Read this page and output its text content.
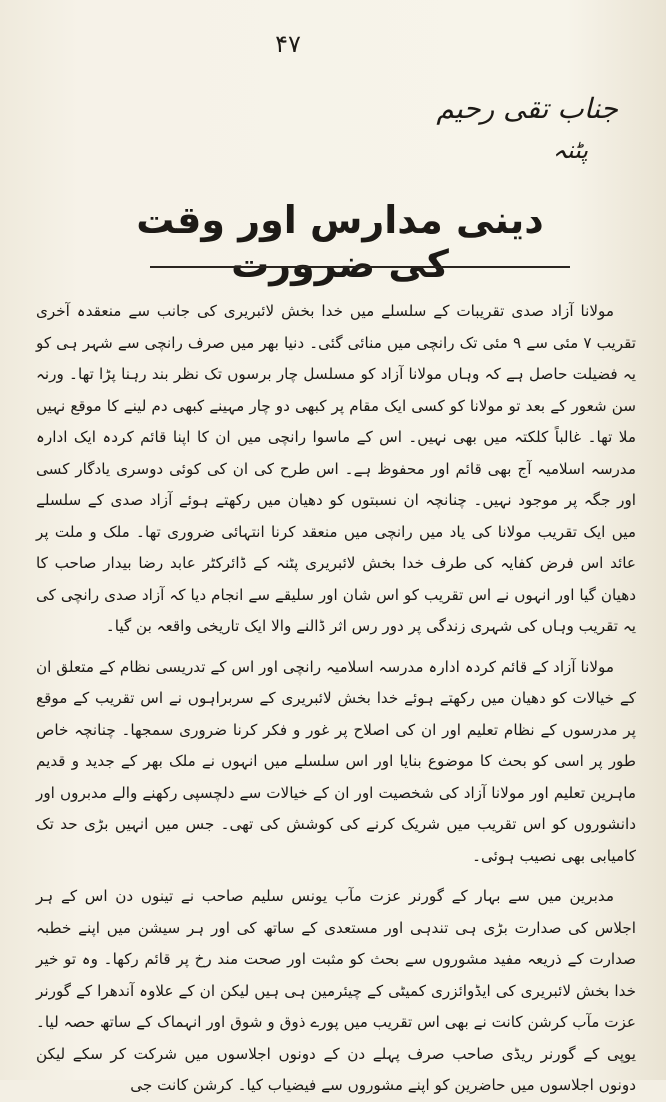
۴۷
جناب تقی رحیم
پٹنہ
دینی مدارس اور وقت کی ضرورت

مولانا آزاد صدی تقریبات کے سلسلے میں خدا بخش لائبریری کی جانب سے منعقدہ آخری تقریب ۷ مئی سے ۹ مئی تک رانچی میں منائی گئی۔ دنیا بھر میں صرف رانچی سے شہر ہی کو یہ فضیلت حاصل ہے کہ وہاں مولانا آزاد کو مسلسل چار برسوں تک نظر بند رہنا پڑا تھا۔ ورنہ سن شعور کے بعد تو مولانا کو کسی ایک مقام پر کبھی دو چار مہینے کبھی دم لینے کا موقع نہیں ملا تھا۔ غالباً کلکتہ میں بھی نہیں۔ اس کے ماسوا رانچی میں ان کا اپنا قائم کردہ ایک ادارہ مدرسہ اسلامیہ آج بھی قائم اور محفوظ ہے۔ اس طرح کی ان کی کوئی دوسری یادگار کسی اور جگہ پر موجود نہیں۔ چنانچہ ان نسبتوں کو دھیان میں رکھتے ہوئے آزاد صدی کے سلسلے میں ایک تقریب مولانا کی یاد میں رانچی میں منعقد کرنا انتہائی ضروری تھا۔ ملک و ملت پر عائد اس فرض کفایہ کی طرف خدا بخش لائبریری پٹنہ کے ڈائرکٹر عابد رضا بیدار صاحب کا دھیان گیا اور انہوں نے اس تقریب کو اس شان اور سلیقے سے انجام دیا کہ آزاد صدی رانچی کی یہ تقریب وہاں کی شہری زندگی پر دور رس اثر ڈالنے والا ایک تاریخی واقعہ بن گیا۔

مولانا آزاد کے قائم کردہ ادارہ مدرسہ اسلامیہ رانچی اور اس کے تدریسی نظام کے متعلق ان کے خیالات کو دھیان میں رکھتے ہوئے خدا بخش لائبریری کے سربراہوں نے اس تقریب کے موقع پر مدرسوں کے نظام تعلیم اور ان کی اصلاح پر غور و فکر کرنا ضروری سمجھا۔ چنانچہ خاص طور پر اسی کو بحث کا موضوع بنایا اور اس سلسلے میں انہوں نے ملک بھر کے جدید و قدیم ماہرین تعلیم اور مولانا آزاد کی شخصیت اور ان کے خیالات سے دلچسپی رکھنے والے مدبروں اور دانشوروں کو اس تقریب میں شریک کرنے کی کوشش کی تھی۔ جس میں انہیں بڑی حد تک کامیابی بھی نصیب ہوئی۔

مدبرین میں سے بہار کے گورنر عزت مآب یونس سلیم صاحب نے تینوں دن اس کے ہر اجلاس کی صدارت بڑی ہی تندہی اور مستعدی کے ساتھ کی اور ہر سیشن میں اپنے خطبہ صدارت کے ذریعہ مفید مشوروں سے بحث کو مثبت اور صحت مند رخ پر قائم رکھا۔ وہ تو خیر خدا بخش لائبریری کی ایڈوائزری کمیٹی کے چیئرمین ہی ہیں لیکن ان کے علاوہ آندھرا کے گورنر عزت مآب کرشن کانت نے بھی اس تقریب میں پورے ذوق و شوق اور انہماک کے ساتھ حصہ لیا۔ یوپی کے گورنر ریڈی صاحب صرف پہلے دن کے دونوں اجلاسوں میں شرکت کر سکے لیکن دونوں اجلاسوں میں حاضرین کو اپنے مشوروں سے فیضیاب کیا۔ کرشن کانت جی
